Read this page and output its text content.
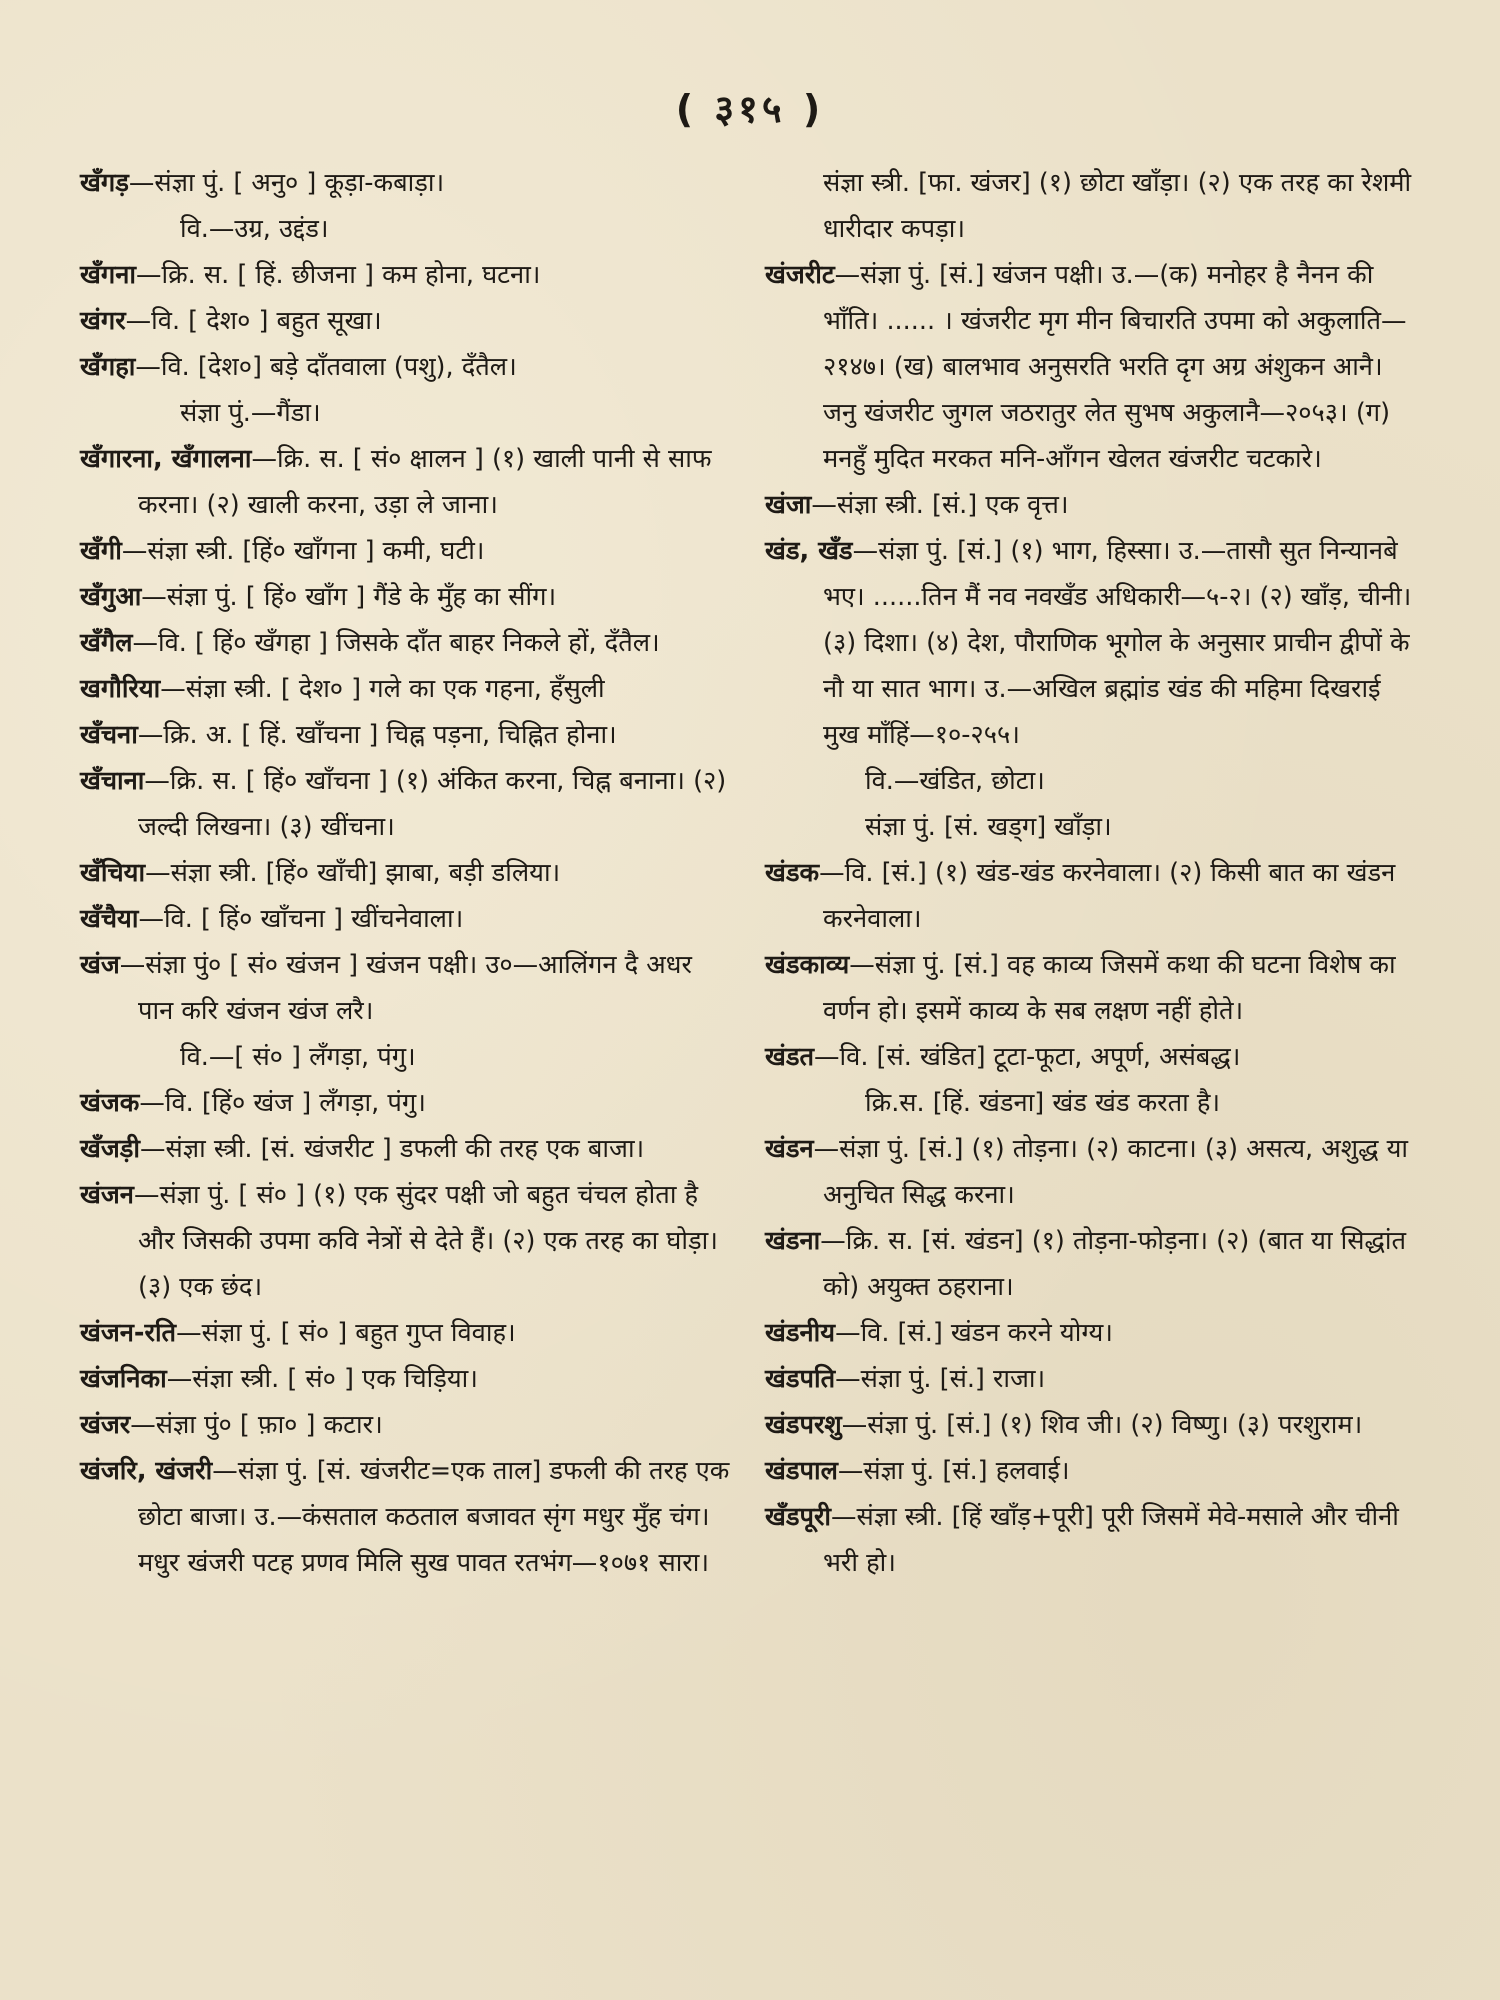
( ३१५ )

खँगड़—संज्ञा पुं. [ अनु० ] कूड़ा-कबाड़ा।

वि.—उग्र, उद्दंड।

खँगना—क्रि. स. [ हिं. छीजना ] कम होना, घटना।

खंगर—वि. [ देश० ] बहुत सूखा।

खँगहा—वि. [देश०] बड़े दाँतवाला (पशु), दँतैल।

संज्ञा पुं.—गैंडा।

खँगारना, खँगालना—क्रि. स. [ सं० क्षालन ] (१) खाली पानी से साफ करना। (२) खाली करना, उड़ा ले जाना।

खँगी—संज्ञा स्त्री. [हिं० खाँगना ] कमी, घटी।

खँगुआ—संज्ञा पुं. [ हिं० खाँग ] गैंडे के मुँह का सींग।

खँगैल—वि. [ हिं० खँगहा ] जिसके दाँत बाहर निकले हों, दँतैल।

खगौरिया—संज्ञा स्त्री. [ देश० ] गले का एक गहना, हँसुली

खँचना—क्रि. अ. [ हिं. खाँचना ] चिह्न पड़ना, चिह्नित होना।

खँचाना—क्रि. स. [ हिं० खाँचना ] (१) अंकित करना, चिह्न बनाना। (२) जल्दी लिखना। (३) खींचना।

खँचिया—संज्ञा स्त्री. [हिं० खाँची] झाबा, बड़ी डलिया।

खँचैया—वि. [ हिं० खाँचना ] खींचनेवाला।

खंज—संज्ञा पुं० [ सं० खंजन ] खंजन पक्षी। उ०—आलिंगन दै अधर पान करि खंजन खंज लरै।

वि.—[ सं० ] लँगड़ा, पंगु।

खंजक—वि. [हिं० खंज ] लँगड़ा, पंगु।

खँजड़ी—संज्ञा स्त्री. [सं. खंजरीट ] डफली की तरह एक बाजा।

खंजन—संज्ञा पुं. [ सं० ] (१) एक सुंदर पक्षी जो बहुत चंचल होता है और जिसकी उपमा कवि नेत्रों से देते हैं। (२) एक तरह का घोड़ा। (३) एक छंद।

खंजन-रति—संज्ञा पुं. [ सं० ] बहुत गुप्त विवाह।

खंजनिका—संज्ञा स्त्री. [ सं० ] एक चिड़िया।

खंजर—संज्ञा पुं० [ फ़ा० ] कटार।

खंजरि, खंजरी—संज्ञा पुं. [सं. खंजरीट=एक ताल] डफली की तरह एक छोटा बाजा। उ.—कंसताल कठताल बजावत सृंग मधुर मुँह चंग। मधुर खंजरी पटह प्रणव मिलि सुख पावत रतभंग—१०७१ सारा।

संज्ञा स्त्री. [फा. खंजर] (१) छोटा खाँड़ा। (२) एक तरह का रेशमी धारीदार कपड़ा।

खंजरीट—संज्ञा पुं. [सं.] खंजन पक्षी। उ.—(क) मनोहर है नैनन की भाँति। ...... । खंजरीट मृग मीन बिचारति उपमा को अकुलाति—२१४७। (ख) बालभाव अनुसरति भरति दृग अग्र अंशुकन आनै। जनु खंजरीट जुगल जठरातुर लेत सुभष अकुलानै—२०५३। (ग) मनहुँ मुदित मरकत मनि-आँगन खेलत खंजरीट चटकारे।

खंजा—संज्ञा स्त्री. [सं.] एक वृत्त।

खंड, खँड—संज्ञा पुं. [सं.] (१) भाग, हिस्सा। उ.—तासौ सुत निन्यानबे भए। ......तिन मैं नव नवखँड अधिकारी—५-२। (२) खाँड़, चीनी। (३) दिशा। (४) देश, पौराणिक भूगोल के अनुसार प्राचीन द्वीपों के नौ या सात भाग। उ.—अखिल ब्रह्मांड खंड की महिमा दिखराई मुख माँहिं—१०-२५५।

वि.—खंडित, छोटा।

संज्ञा पुं. [सं. खड्ग] खाँड़ा।

खंडक—वि. [सं.] (१) खंड-खंड करनेवाला। (२) किसी बात का खंडन करनेवाला।

खंडकाव्य—संज्ञा पुं. [सं.] वह काव्य जिसमें कथा की घटना विशेष का वर्णन हो। इसमें काव्य के सब लक्षण नहीं होते।

खंडत—वि. [सं. खंडित] टूटा-फूटा, अपूर्ण, असंबद्ध।

क्रि.स. [हिं. खंडना] खंड खंड करता है।

खंडन—संज्ञा पुं. [सं.] (१) तोड़ना। (२) काटना। (३) असत्य, अशुद्ध या अनुचित सिद्ध करना।

खंडना—क्रि. स. [सं. खंडन] (१) तोड़ना-फोड़ना। (२) (बात या सिद्धांत को) अयुक्त ठहराना।

खंडनीय—वि. [सं.] खंडन करने योग्य।

खंडपति—संज्ञा पुं. [सं.] राजा।

खंडपरशु—संज्ञा पुं. [सं.] (१) शिव जी। (२) विष्णु। (३) परशुराम।

खंडपाल—संज्ञा पुं. [सं.] हलवाई।

खँडपूरी—संज्ञा स्त्री. [हिं खाँड़+पूरी] पूरी जिसमें मेवे-मसाले और चीनी भरी हो।
